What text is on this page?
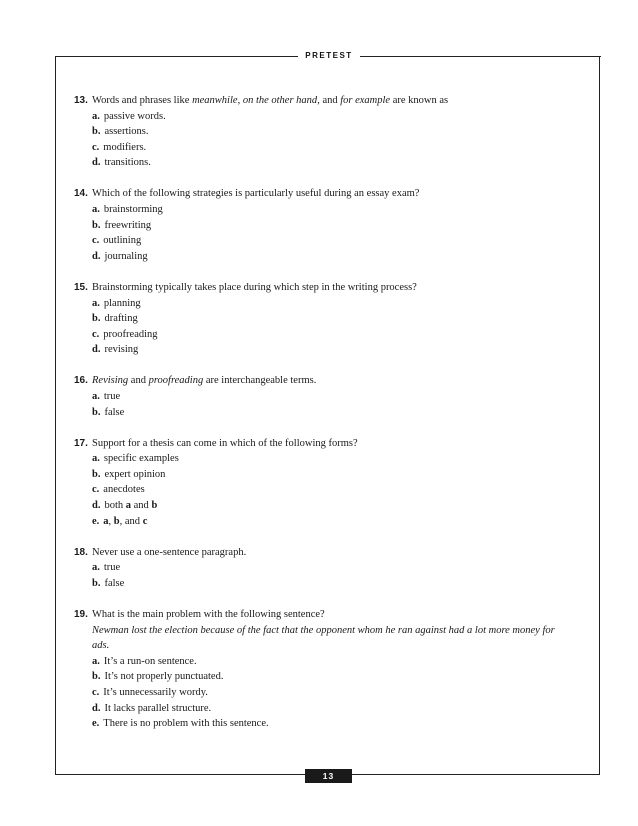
PRETEST
13. Words and phrases like meanwhile, on the other hand, and for example are known as
a. passive words.
b. assertions.
c. modifiers.
d. transitions.
14. Which of the following strategies is particularly useful during an essay exam?
a. brainstorming
b. freewriting
c. outlining
d. journaling
15. Brainstorming typically takes place during which step in the writing process?
a. planning
b. drafting
c. proofreading
d. revising
16. Revising and proofreading are interchangeable terms.
a. true
b. false
17. Support for a thesis can come in which of the following forms?
a. specific examples
b. expert opinion
c. anecdotes
d. both a and b
e. a, b, and c
18. Never use a one-sentence paragraph.
a. true
b. false
19. What is the main problem with the following sentence?
Newman lost the election because of the fact that the opponent whom he ran against had a lot more money for ads.
a. It’s a run-on sentence.
b. It’s not properly punctuated.
c. It’s unnecessarily wordy.
d. It lacks parallel structure.
e. There is no problem with this sentence.
13
